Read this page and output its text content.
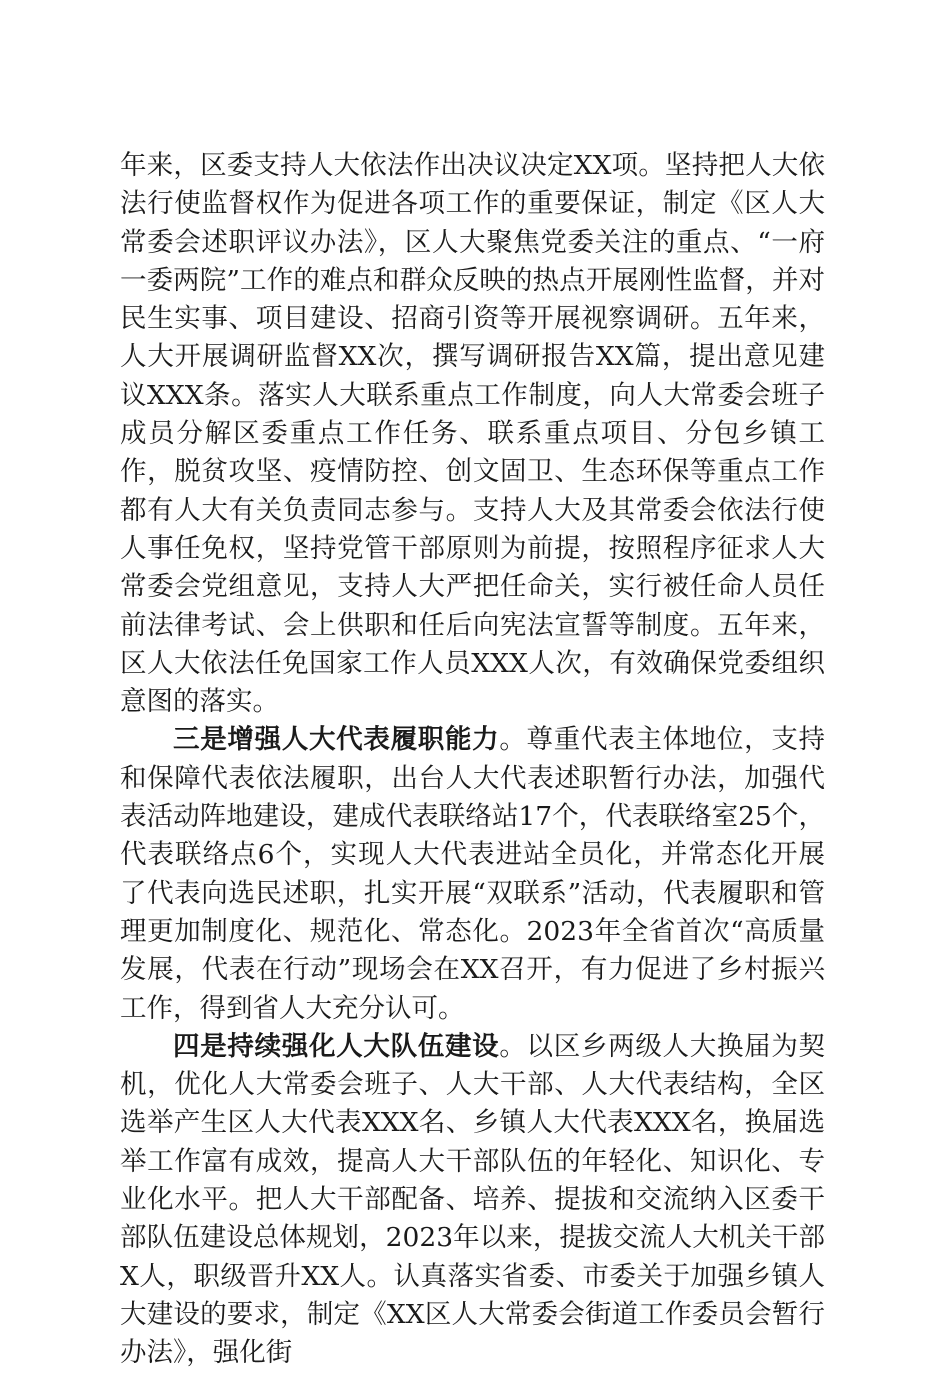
年来，区委支持人大依法作出决议决定XX项。坚持把人大依法行使监督权作为促进各项工作的重要保证，制定《区人大常委会述职评议办法》，区人大聚焦党委关注的重点、“一府一委两院”工作的难点和群众反映的热点开展刚性监督，并对民生实事、项目建设、招商引资等开展视察调研。五年来，人大开展调研监督XX次，撰写调研报告XX篇，提出意见建议XXX条。落实人大联系重点工作制度，向人大常委会班子成员分解区委重点工作任务、联系重点项目、分包乡镇工作，脱贫攻坚、疫情防控、创文固卫、生态环保等重点工作都有人大有关负责同志参与。支持人大及其常委会依法行使人事任免权，坚持党管干部原则为前提，按照程序征求人大常委会党组意见，支持人大严把任命关，实行被任命人员任前法律考试、会上供职和任后向宪法宣誓等制度。五年来，区人大依法任免国家工作人员XXX人次，有效确保党委组织意图的落实。

三是增强人大代表履职能力。尊重代表主体地位，支持和保障代表依法履职，出台人大代表述职暂行办法，加强代表活动阵地建设，建成代表联络站17个，代表联络室25个，代表联络点6个，实现人大代表进站全员化，并常态化开展了代表向选民述职，扎实开展“双联系”活动，代表履职和管理更加制度化、规范化、常态化。2023年全省首次“高质量发展，代表在行动”现场会在XX召开，有力促进了乡村振兴工作，得到省人大充分认可。

四是持续强化人大队伍建设。以区乡两级人大换届为契机，优化人大常委会班子、人大干部、人大代表结构，全区选举产生区人大代表XXX名、乡镇人大代表XXX名，换届选举工作富有成效，提高人大干部队伍的年轻化、知识化、专业化水平。把人大干部配备、培养、提拔和交流纳入区委干部队伍建设总体规划，2023年以来，提拔交流人大机关干部X人，职级晋升XX人。认真落实省委、市委关于加强乡镇人大建设的要求，制定《XX区人大常委会街道工作委员会暂行办法》，强化街
